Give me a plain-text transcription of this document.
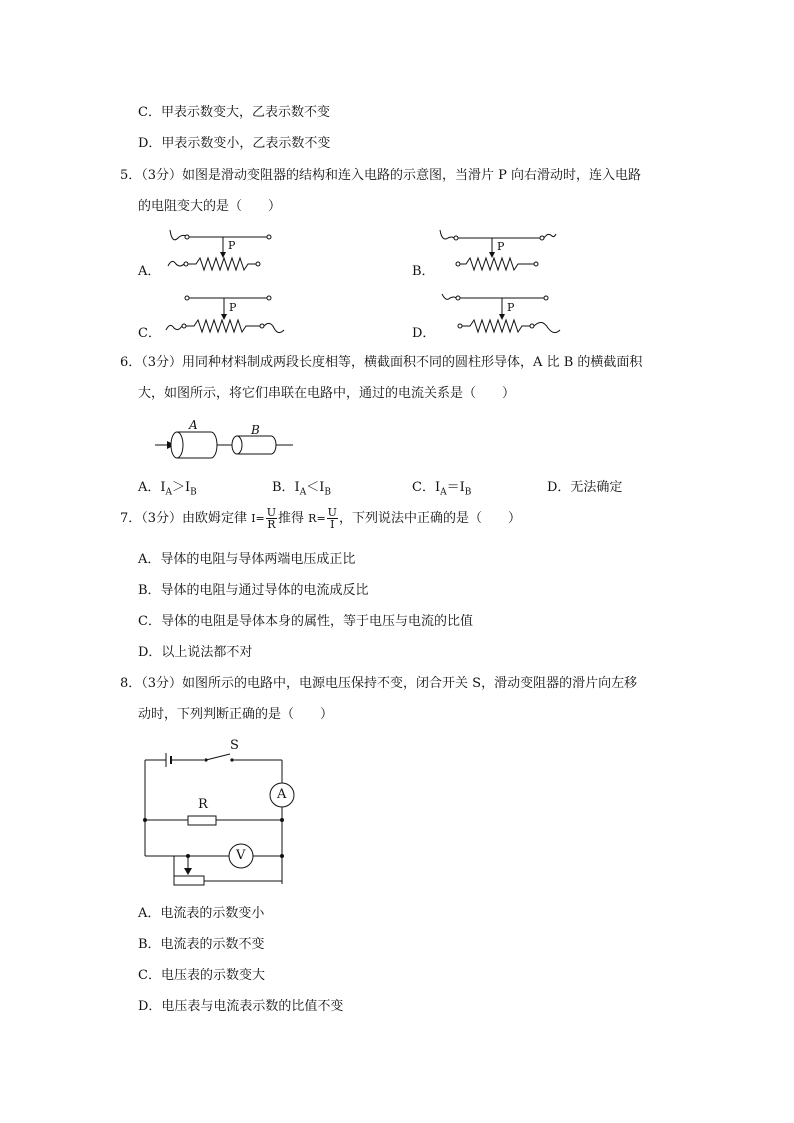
C．甲表示数变大，乙表示数不变
D．甲表示数变小，乙表示数不变
5．（3分）如图是滑动变阻器的结构和连入电路的示意图，当滑片 P 向右滑动时，连入电路
的电阻变大的是（　　）
A．	B．
C．	D．
P	P
P	P
6．（3分）用同种材料制成两段长度相等，横截面积不同的圆柱形导体，A 比 B 的横截面积
大，如图所示，将它们串联在电路中，通过的电流关系是（　　）
A	B
A．$I_A>I_B$	B．$I_A<I_B$	C．$I_A=I_B$	D．无法确定
7．（3分）由欧姆定律 $I= \frac{U}{R}$ 推得 $R= \frac{U}{I}$ ，下列说法中正确的是（　　）
A．导体的电阻与导体两端电压成正比
B．导体的电阻与通过导体的电流成反比
C．导体的电阻是导体本身的属性，等于电压与电流的比值
D．以上说法都不对
8．（3分）如图所示的电路中，电源电压保持不变，闭合开关 S，滑动变阻器的滑片向左移
动时，下列判断正确的是（　　）
S
R
A
V
A．电流表的示数变小
B．电流表的示数不变
C．电压表的示数变大
D．电压表与电流表示数的比值不变
